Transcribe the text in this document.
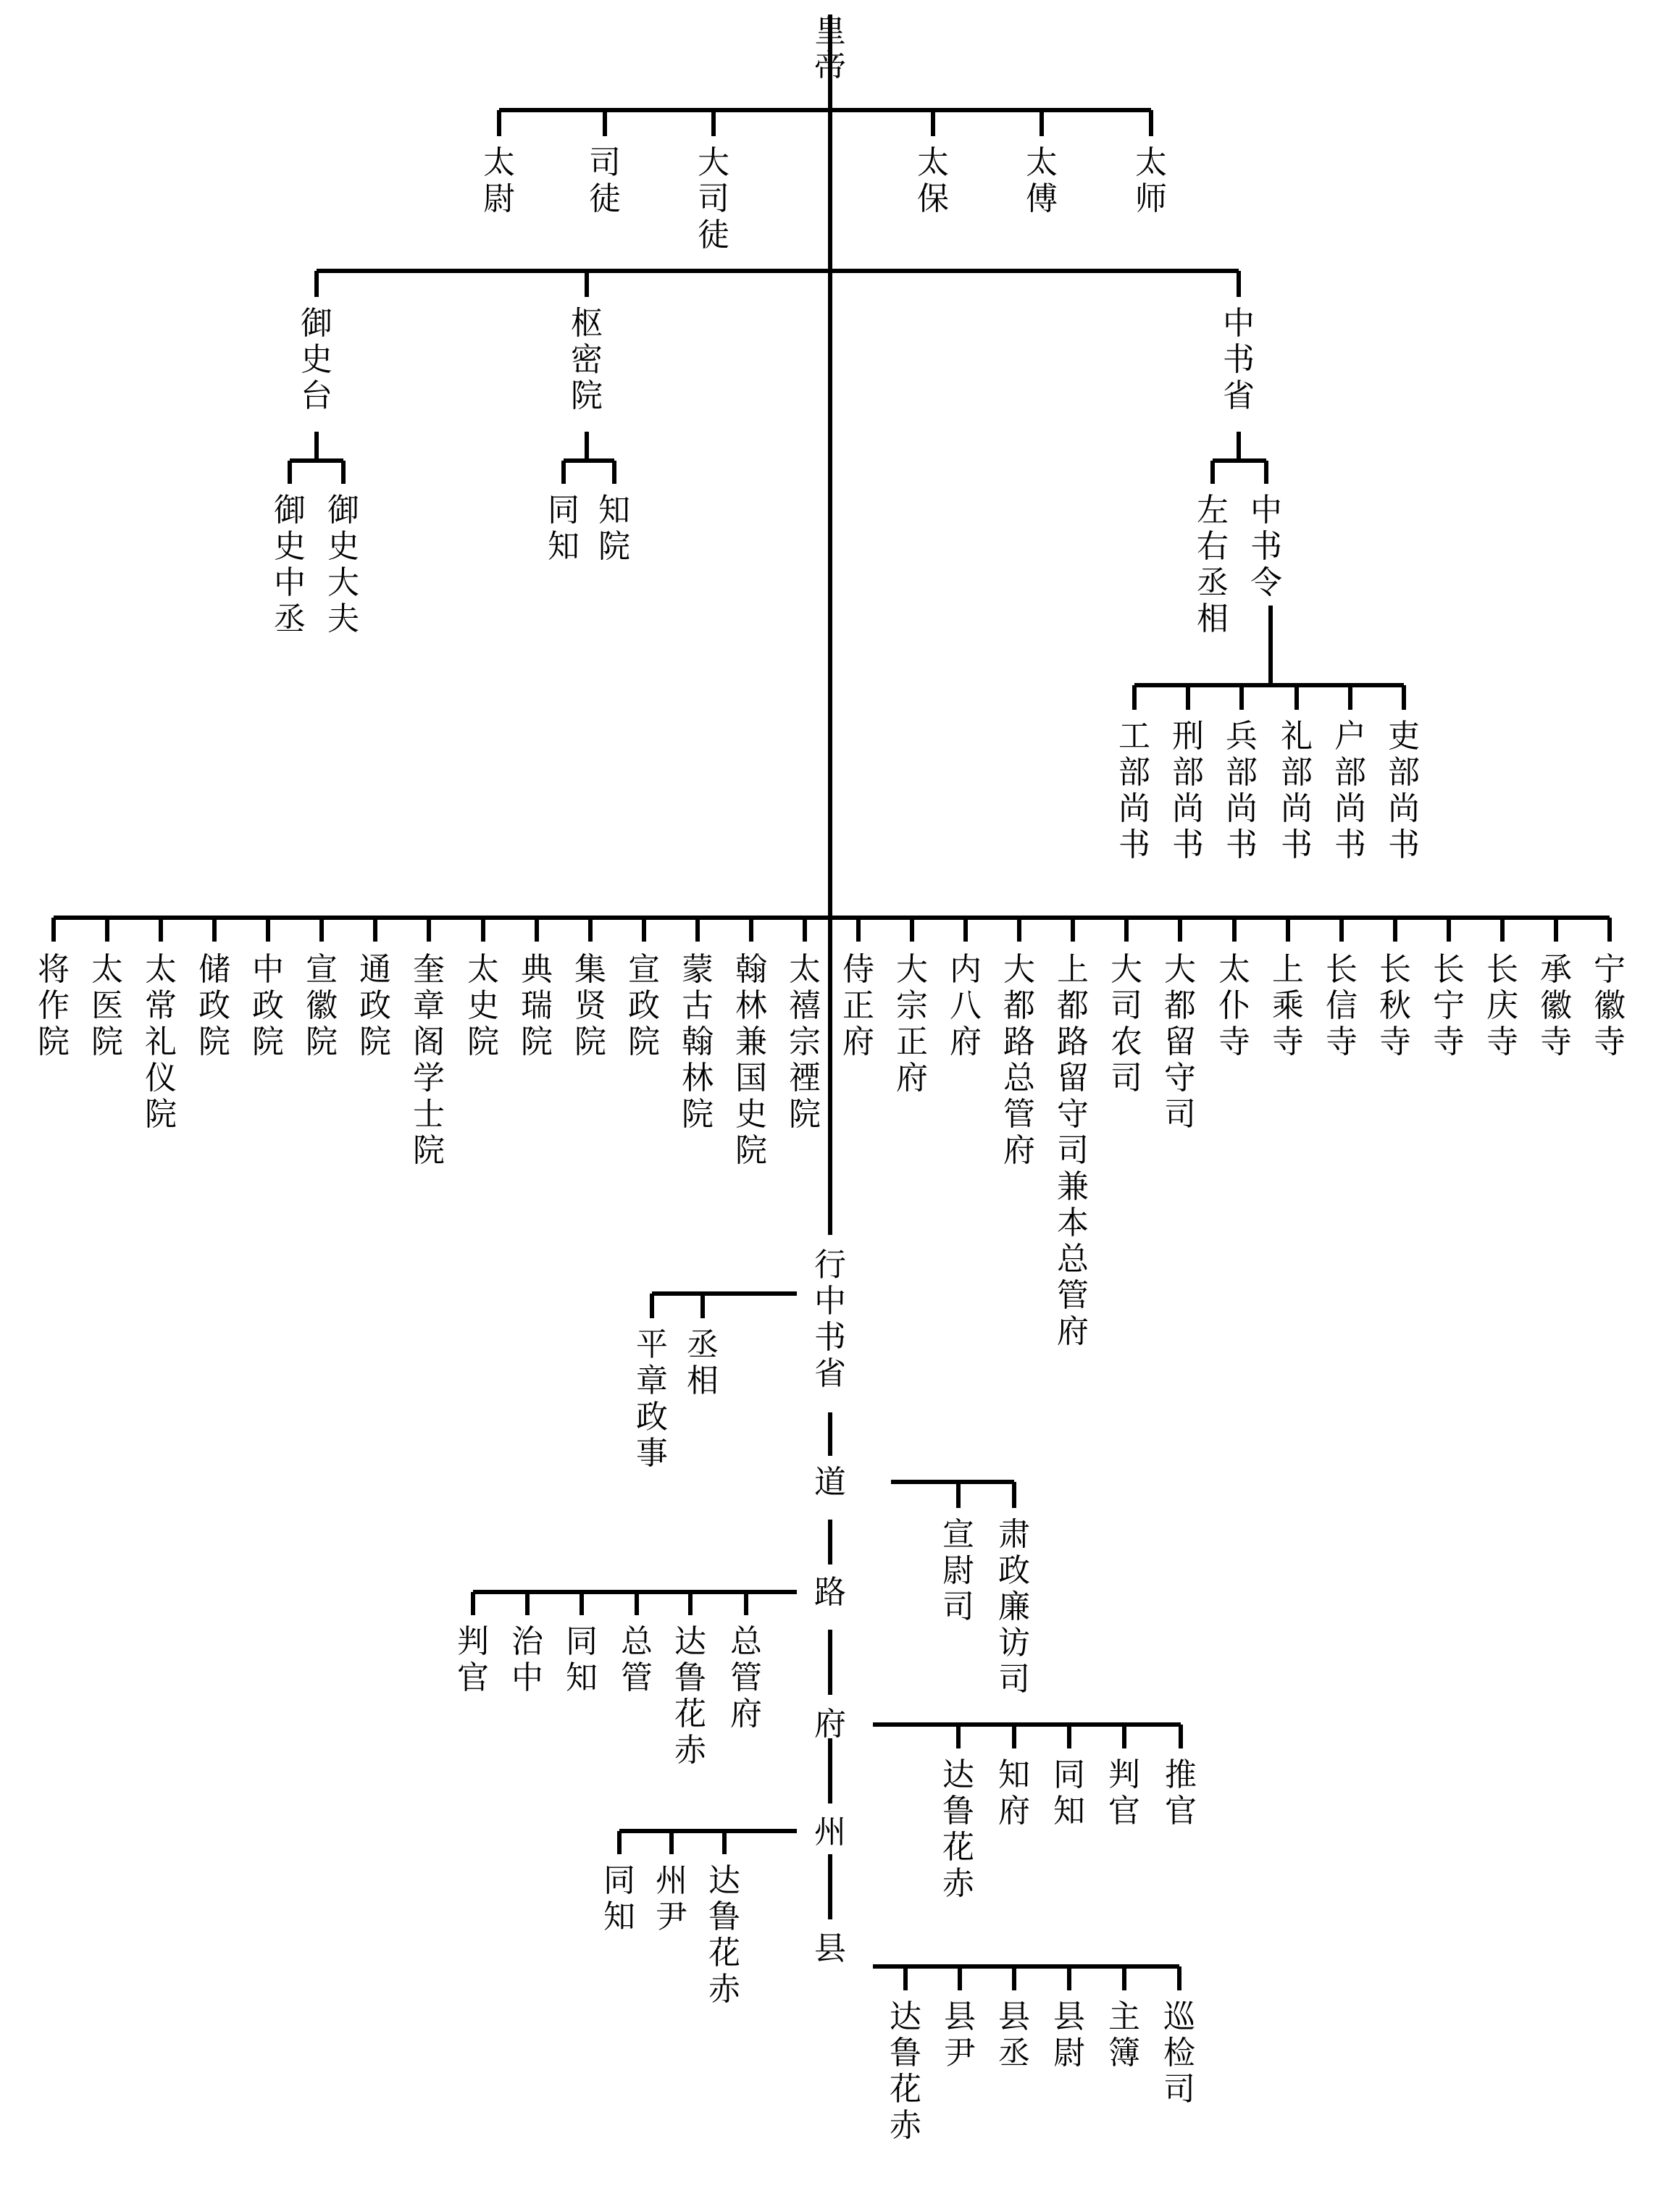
皇
帝
太
尉
司
徒
大
司
徒
太
保
太
傅
太
师
御
史
台
枢
密
院
中
书
省
御
史
中
丞
御
史
大
夫
同
知
知
院
左
右
丞
相
中
书
令
工
部
尚
书
刑
部
尚
书
兵
部
尚
书
礼
部
尚
书
户
部
尚
书
吏
部
尚
书
将
作
院
太
医
院
太
常
礼
仪
院
储
政
院
中
政
院
宣
徽
院
通
政
院
奎
章
阁
学
士
院
太
史
院
典
瑞
院
集
贤
院
宣
政
院
蒙
古
翰
林
院
翰
林
兼
国
史
院
太
禧
宗
禋
院
侍
正
府
大
宗
正
府
内
八
府
大
都
路
总
管
府
上
都
路
留
守
司
兼
本
总
管
府
大
司
农
司
大
都
留
守
司
太
仆
寺
上
乘
寺
长
信
寺
长
秋
寺
长
宁
寺
长
庆
寺
承
徽
寺
宁
徽
寺
行
中
书
省
平
章
政
事
丞
相
道
宣
尉
司
肃
政
廉
访
司
路
判
官
治
中
同
知
总
管
达
鲁
花
赤
总
管
府 府
达
鲁
花
赤
知
府
同
知
判
官
推
官
州
同
知
州
尹
达
鲁
花
赤
县
达
鲁
花
赤
县
尹
县
丞
县
尉
主
簿
巡
检
司
